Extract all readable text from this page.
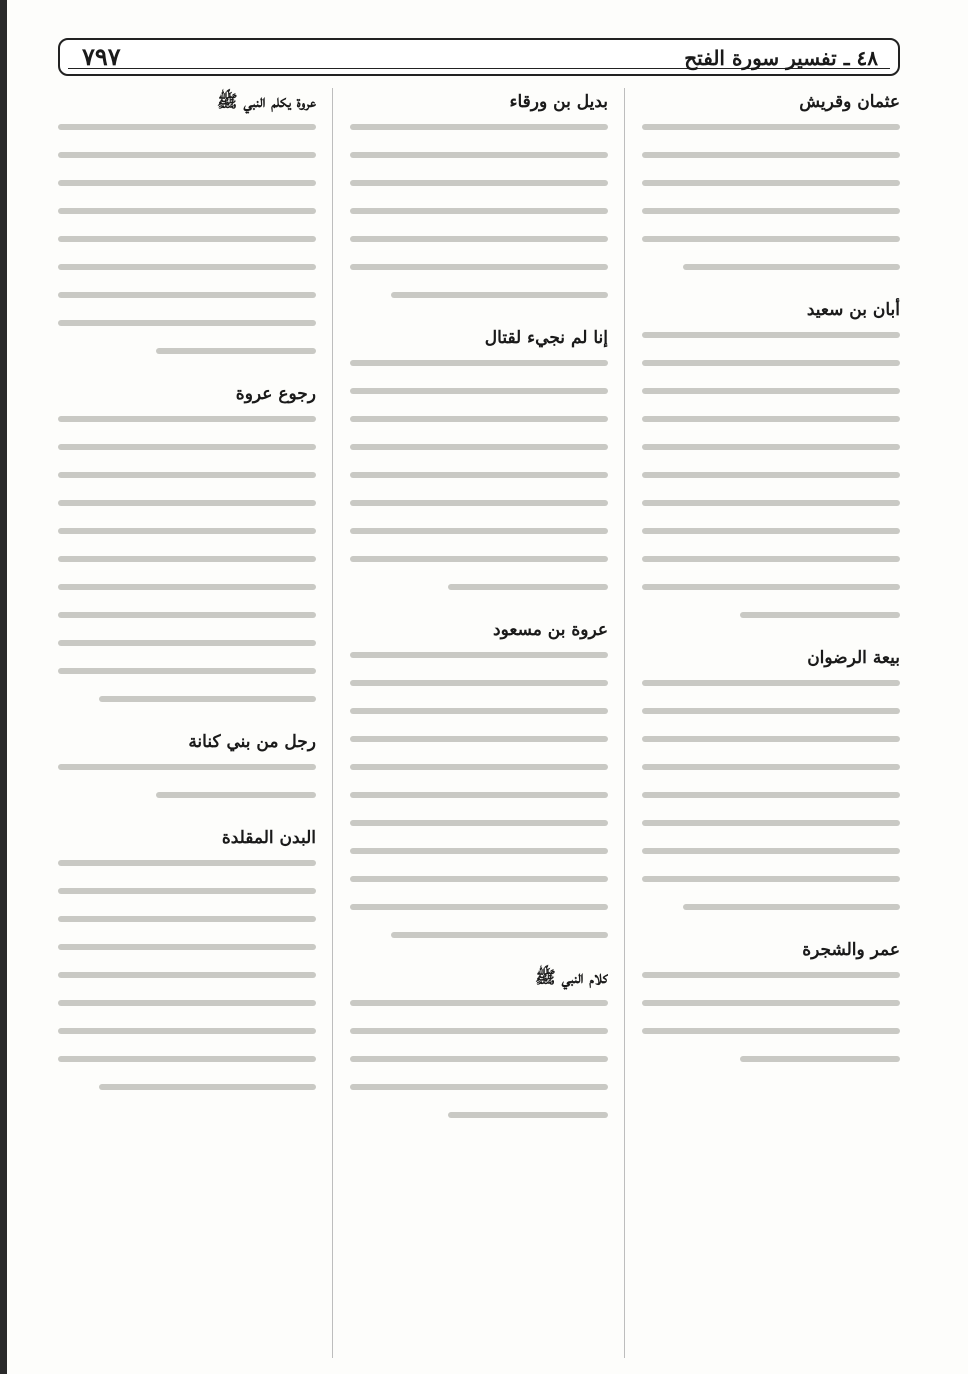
٧٩٧	٤٨ ـ تفسير سورة الفتح
عثمان وقريش
أبان بن سعيد
بيعة الرضوان
عمر والشجرة
بديل بن ورقاء
إنا لم نجيء لقتال
عروة بن مسعود
كلام النبي ﷺ
عروة يكلم النبي ﷺ
رجوع عروة
رجل من بني كنانة
البدن المقلدة
